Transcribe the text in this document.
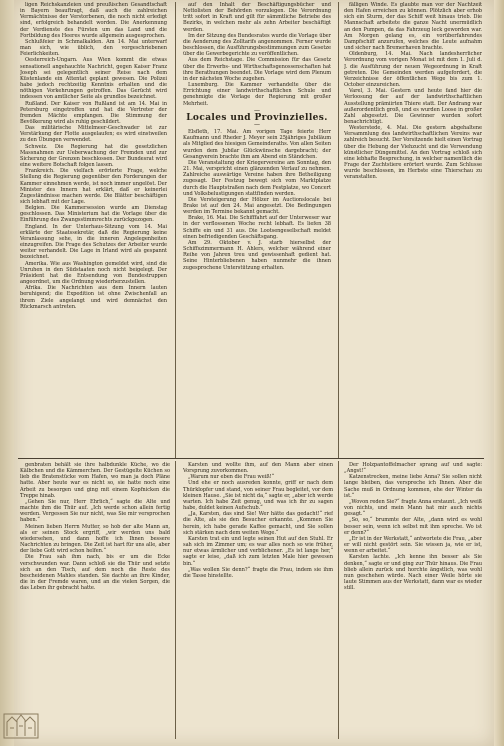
ligen Reichskanzleien und preußischen Gesandtschaft in Bayern beauftragt, daß auch die zahlreichen Vermächtnisse der Verstorbenen, die noch nicht erledigt sind, erfolgreich behandelt worden. Die Anerkennung der Verdienste des Fürsten um das Land und die Fortbildung des Heeres wurde allgemein ausgesprochen.

Schlußfeier in Schmalkalden. Am 14. Mai unterwarf man sich, wie üblich, den vorgeschriebenen Feierlichkeiten.

Oesterreich-Ungarn. Aus Wien kommt die etwas sensationell angehauchte Nachricht, gegen Kaiser Franz Joseph sei gelegentlich seiner Reise nach dem Küstenlande ein Attentat geplant gewesen. Die Polizei habe jedoch rechtzeitig Kenntnis erhalten und die nöthigen Vorkehrungen getroffen. Das Gerücht wird indessen von amtlicher Seite als grundlos bezeichnet.

Rußland. Der Kaiser von Rußland ist am 14. Mai in Petersburg eingetroffen und hat die Vertreter der fremden Mächte empfangen. Die Stimmung der Bevölkerung wird als ruhig geschildert.

Das militärische Mittelmeer-Geschwader ist zur Verstärkung der Flotte ausgelaufen; es wird einstweilen zu den Übungen verwendet.

Schweiz. Die Regierung hat die gesetzlichen Massnahmen zur Ueberwachung der Fremden und zur Sicherung der Grenzen beschlossen. Der Bundesrat wird eine weitere Botschaft folgen lassen.

Frankreich. Die vielfach erörterte Frage, welche Stellung die Regierung gegenüber den Forderungen der Kammer einnehmen werde, ist noch immer ungelöst. Der Minister des Innern hat erklärt, daß er keinerlei Zugeständnisse machen werde. Die Blätter beschäftigen sich lebhaft mit der Lage.

Belgien. Die Kammersession wurde am Dienstag geschlossen. Das Ministerium hat die Vorlage über die Einführung des Zwangsstimmrechts zurückgezogen.

England. In der Unterhaus-Sitzung vom 14. Mai erklärte der Staatssekretär, daß die Regierung keine Veranlassung sehe, in die inneren Angelegenheiten einzugreifen. Die Frage des Schutzes der Arbeiter wurde weiter verhandelt. Die Lage in Irland wird als gespannt bezeichnet.

Amerika. Wie aus Washington gemeldet wird, sind die Unruhen in den Südstaaten noch nicht beigelegt. Der Präsident hat die Entsendung von Bundestruppen angeordnet, um die Ordnung wiederherzustellen.

Afrika. Die Nachrichten aus dem Innern lauten beruhigend; die Expedition ist ohne Zwischenfall an ihrem Ziele angelangt und wird demnächst den Rückmarsch antreten.

auf den Inhalt der Beschäftigungsbücher und Nettolisten der Behörden vorzulegen. Die Verordnung tritt sofort in Kraft und gilt für sämmtliche Betriebe des Bezirks, in welchen mehr als zehn Arbeiter beschäftigt werden.

Im der Sitzung des Bundesrates wurde die Vorlage über die Aenderung des Zolltarifs angenommen. Ferner wurde beschlossen, die Ausführungsbestimmungen zum Gesetze über die Gewerbegerichte zu veröffentlichen.

Aus dem Reichstage. Die Commission für das Gesetz über die Erwerbs- und Wirthschaftsgenossenschaften hat ihre Berathungen beendet. Die Vorlage wird dem Plenum in der nächsten Woche zugehen.

Luxemburg. Die Kammer verhandelte über die Errichtung einer landwirthschaftlichen Schule und genehmigte die Vorlage der Regierung mit großer Mehrheit.

—

Locales und Provinzielles.

—

Elsfleth, 17. Mai. Am vorigen Tage feierte Herr Kaufmann und Rheder J. Meyer sein 25jähriges Jubiläum als Mitglied des hiesigen Gemeinderaths. Von allen Seiten wurden dem Jubilar Glückwünsche dargebracht; der Gesangverein brachte ihm am Abend ein Ständchen.

Die Veranstaltung der Kriegervereine am Sonntag, den 21. Mai, verspricht einen glänzenden Verlauf zu nehmen. Zahlreiche auswärtige Vereine haben ihre Betheiligung zugesagt. Der Festzug bewegt sich vom Marktplatze durch die Hauptstraßen nach dem Festplatze, wo Concert und Volksbelustigungen stattfinden werden.

Die Versteigerung der Hölzer im Auctionslocale bei Brake ist auf den 24. Mai angesetzt. Die Bedingungen werden im Termine bekannt gemacht.

Brake, 16. Mai. Die Schifffahrt auf der Unterweser war in der verflossenen Woche recht lebhaft. Es liefen 38 Schiffe ein und 31 aus. Die Lootsengesellschaft meldet einen befriedigenden Geschäftsgang.

Am 29. Oktober v. J. starb hierselbst der Schiffszimmermann H. Ahlers, welcher während einer Reihe von Jahren treu und gewissenhaft gedient hat. Seine Hinterbliebenen haben nunmehr die ihnen zugesprochene Unterstützung erhalten.

fälligen Winde. Es glaubte man vor der Nachtzeit den Hafen erreichen zu können. Plötzlich aber erhob sich ein Sturm, der das Schiff weit hinaus trieb. Die Mannschaft arbeitete die ganze Nacht unermüdlich an den Pumpen, da das Fahrzeug leck geworden war. Am Morgen gelang es, ein vorüberfahrendes Dampfschiff anzurufen, welches die Leute aufnahm und sicher nach Bremerhaven brachte.

Oldenburg, 14. Mai. Nach landesherrlicher Verordnung vom vorigen Monat ist mit dem 1. Juli d. J. die Ausführung der neuen Wegeordnung in Kraft getreten. Die Gemeinden werden aufgefordert, die Verzeichnisse der öffentlichen Wege bis zum 1. October einzureichen.

Varel, 3. Mai. Gestern und heute fand hier die Verloosung der auf der landwirthschaftlichen Ausstellung prämiirten Thiere statt. Der Andrang war außerordentlich groß, und es wurden Loose in großer Zahl abgesetzt. Die Gewinner wurden sofort benachrichtigt.

Westerstede, 4. Mai. Die gestern abgehaltene Versammlung des landwirthschaftlichen Vereins war zahlreich besucht. Der Vorsitzende hielt einen Vortrag über die Hebung der Viehzucht und die Verwendung künstlicher Düngemittel. An den Vortrag schloß sich eine lebhafte Besprechung, in welcher namentlich die Frage der Zuchtstiere erörtert wurde. Zum Schlusse wurde beschlossen, im Herbste eine Thierschau zu veranstalten.

genbraten behält sie ihre halbdunkle Küche, wo die Kälbchen und die Kämmerchen. Der Gestügelte Küchen so lieb die Bratenstücke vom Hafen, wo man ja doch Pläne hatte. Aber heute war es nicht so, sie hatte noch eine Arbeit zu besorgen und ging mit einem Kopfnicken die Treppe hinab.

„Gehen Sie nur, Herr Ehrlich,“ sagte die Alte und machte ihm die Thür auf. „Ich werde schon allein fertig werden. Vergessen Sie nur nicht, was Sie mir versprochen haben.“

Meinen lieben Herrn Mutter, so hob der alte Mann an, als er seinen Stock ergriff, „wir werden uns bald wiedersehen, und dann hoffe ich Ihnen bessere Nachrichten zu bringen. Die Zeit ist hart für uns alle, aber der liebe Gott wird schon helfen.“

Die Frau sah ihm nach, bis er um die Ecke verschwunden war. Dann schloß sie die Thür und setzte sich an den Tisch, auf dem noch die Reste des bescheidenen Mahles standen. Sie dachte an ihre Kinder, die in der Fremde waren, und an die vielen Sorgen, die das Leben ihr gebracht hatte.

Karsten und wollte ihm, auf den Mann aber einen Vorsprung zuvorkommen.

„Warum nur eben die Frau weiß!“

Und ehe er noch ausreden konnte, griff er nach dem Thürklopfer und stand, von seiner Frau begleitet, vor dem kleinen Hause. „Sie ist nicht da,“ sagte er, „aber ich werde warten. Ich habe Zeit genug, und was ich ihr zu sagen habe, duldet keinen Aufschub.“

„Ja, Karsten, das sind Sie! Wer hätte das gedacht!“ rief die Alte, als sie den Besucher erkannte. „Kommen Sie herein, ich habe gerade Kaffee gemacht, und Sie sollen sich stärken nach dem weiten Wege.“

Karsten trat ein und legte seinen Hut auf den Stuhl. Er sah sich im Zimmer um; es war alles noch so wie früher, nur etwas ärmlicher und verblichener. „Es ist lange her,“ sagte er leise, „daß ich zum letzten Male hier gewesen bin.“

„Was wollen Sie denn?“ fragte die Frau, indem sie ihm die Tasse hinstellte.

Der Holzpantoffelmacher sprang auf und sagte: „Angst!“

Katzenstrecken, meine liebe Anna? Sie sollen nicht lange bleiben, das verspreche ich Ihnen. Aber die Sache muß in Ordnung kommen, ehe der Winter da ist.“

„Wovon reden Sie?“ fragte Anna erstaunt. „Ich weiß von nichts, und mein Mann hat mir auch nichts gesagt.“

„So, so,“ brummte der Alte, „dann wird es wohl besser sein, wenn ich selbst mit ihm spreche. Wo ist er denn?“

„Er ist in der Werkstatt,“ antwortete die Frau, „aber er will nicht gestört sein. Sie wissen ja, wie er ist, wenn er arbeitet.“

Karsten lachte. „Ich kenne ihn besser als Sie denken,“ sagte er und ging zur Thür hinaus. Die Frau blieb allein zurück und horchte ängstlich, was wohl nun geschehen würde. Nach einer Weile hörte sie laute Stimmen aus der Werkstatt, dann war es wieder still.
